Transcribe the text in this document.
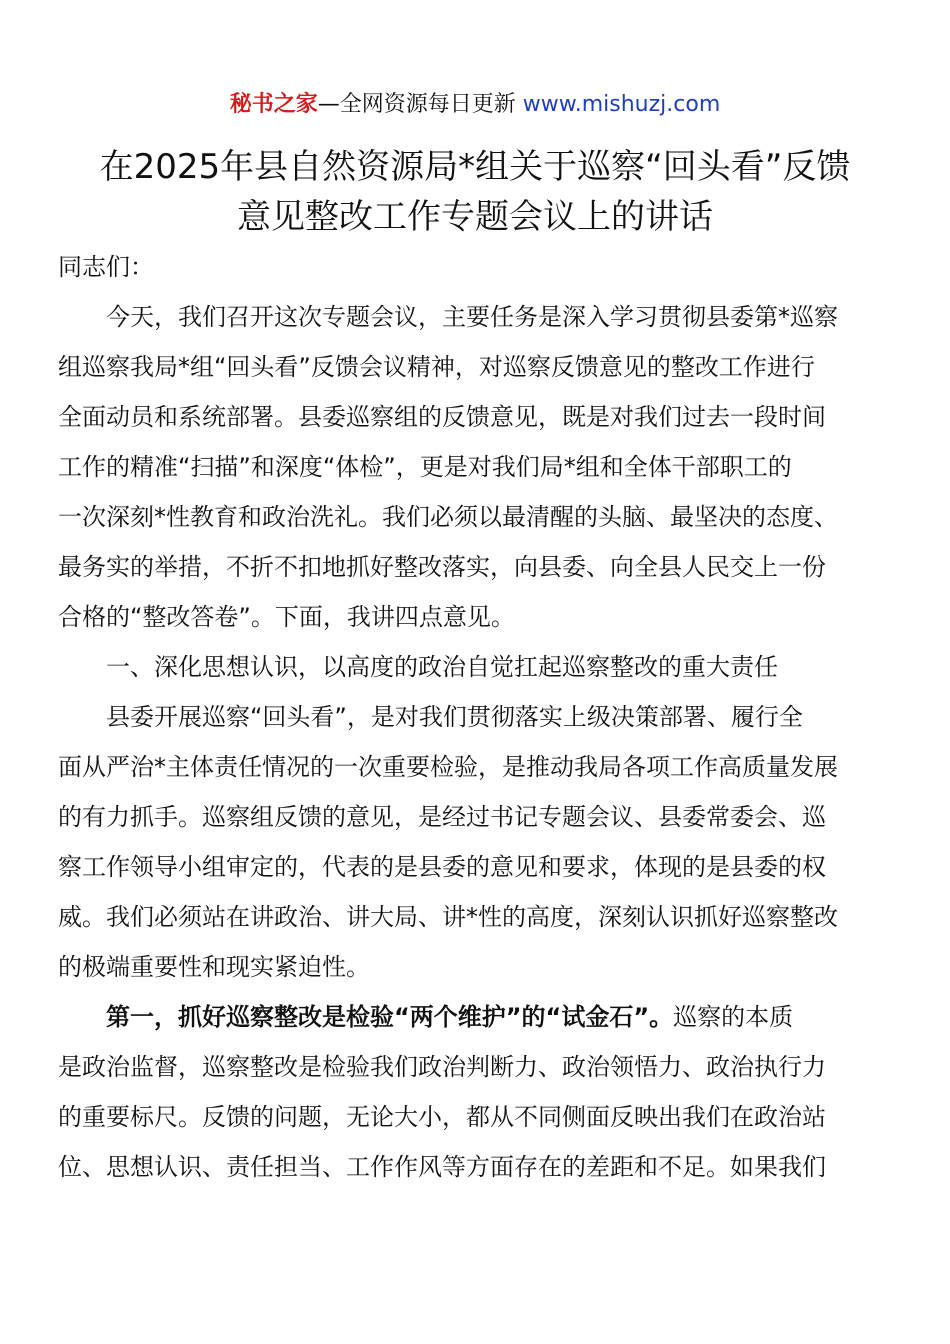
秘书之家—全网资源每日更新 www.mishuzj.com
在2025年县自然资源局*组关于巡察“回头看”反馈
意见整改工作专题会议上的讲话
同志们：
今天，我们召开这次专题会议，主要任务是深入学习贯彻县委第*巡察
组巡察我局*组“回头看”反馈会议精神，对巡察反馈意见的整改工作进行
全面动员和系统部署。县委巡察组的反馈意见，既是对我们过去一段时间
工作的精准“扫描”和深度“体检”，更是对我们局*组和全体干部职工的
一次深刻*性教育和政治洗礼。我们必须以最清醒的头脑、最坚决的态度、
最务实的举措，不折不扣地抓好整改落实，向县委、向全县人民交上一份
合格的“整改答卷”。下面，我讲四点意见。
一、深化思想认识，以高度的政治自觉扛起巡察整改的重大责任
县委开展巡察“回头看”，是对我们贯彻落实上级决策部署、履行全
面从严治*主体责任情况的一次重要检验，是推动我局各项工作高质量发展
的有力抓手。巡察组反馈的意见，是经过书记专题会议、县委常委会、巡
察工作领导小组审定的，代表的是县委的意见和要求，体现的是县委的权
威。我们必须站在讲政治、讲大局、讲*性的高度，深刻认识抓好巡察整改
的极端重要性和现实紧迫性。
第一，抓好巡察整改是检验“两个维护”的“试金石”。巡察的本质
是政治监督，巡察整改是检验我们政治判断力、政治领悟力、政治执行力
的重要标尺。反馈的问题，无论大小，都从不同侧面反映出我们在政治站
位、思想认识、责任担当、工作作风等方面存在的差距和不足。如果我们
